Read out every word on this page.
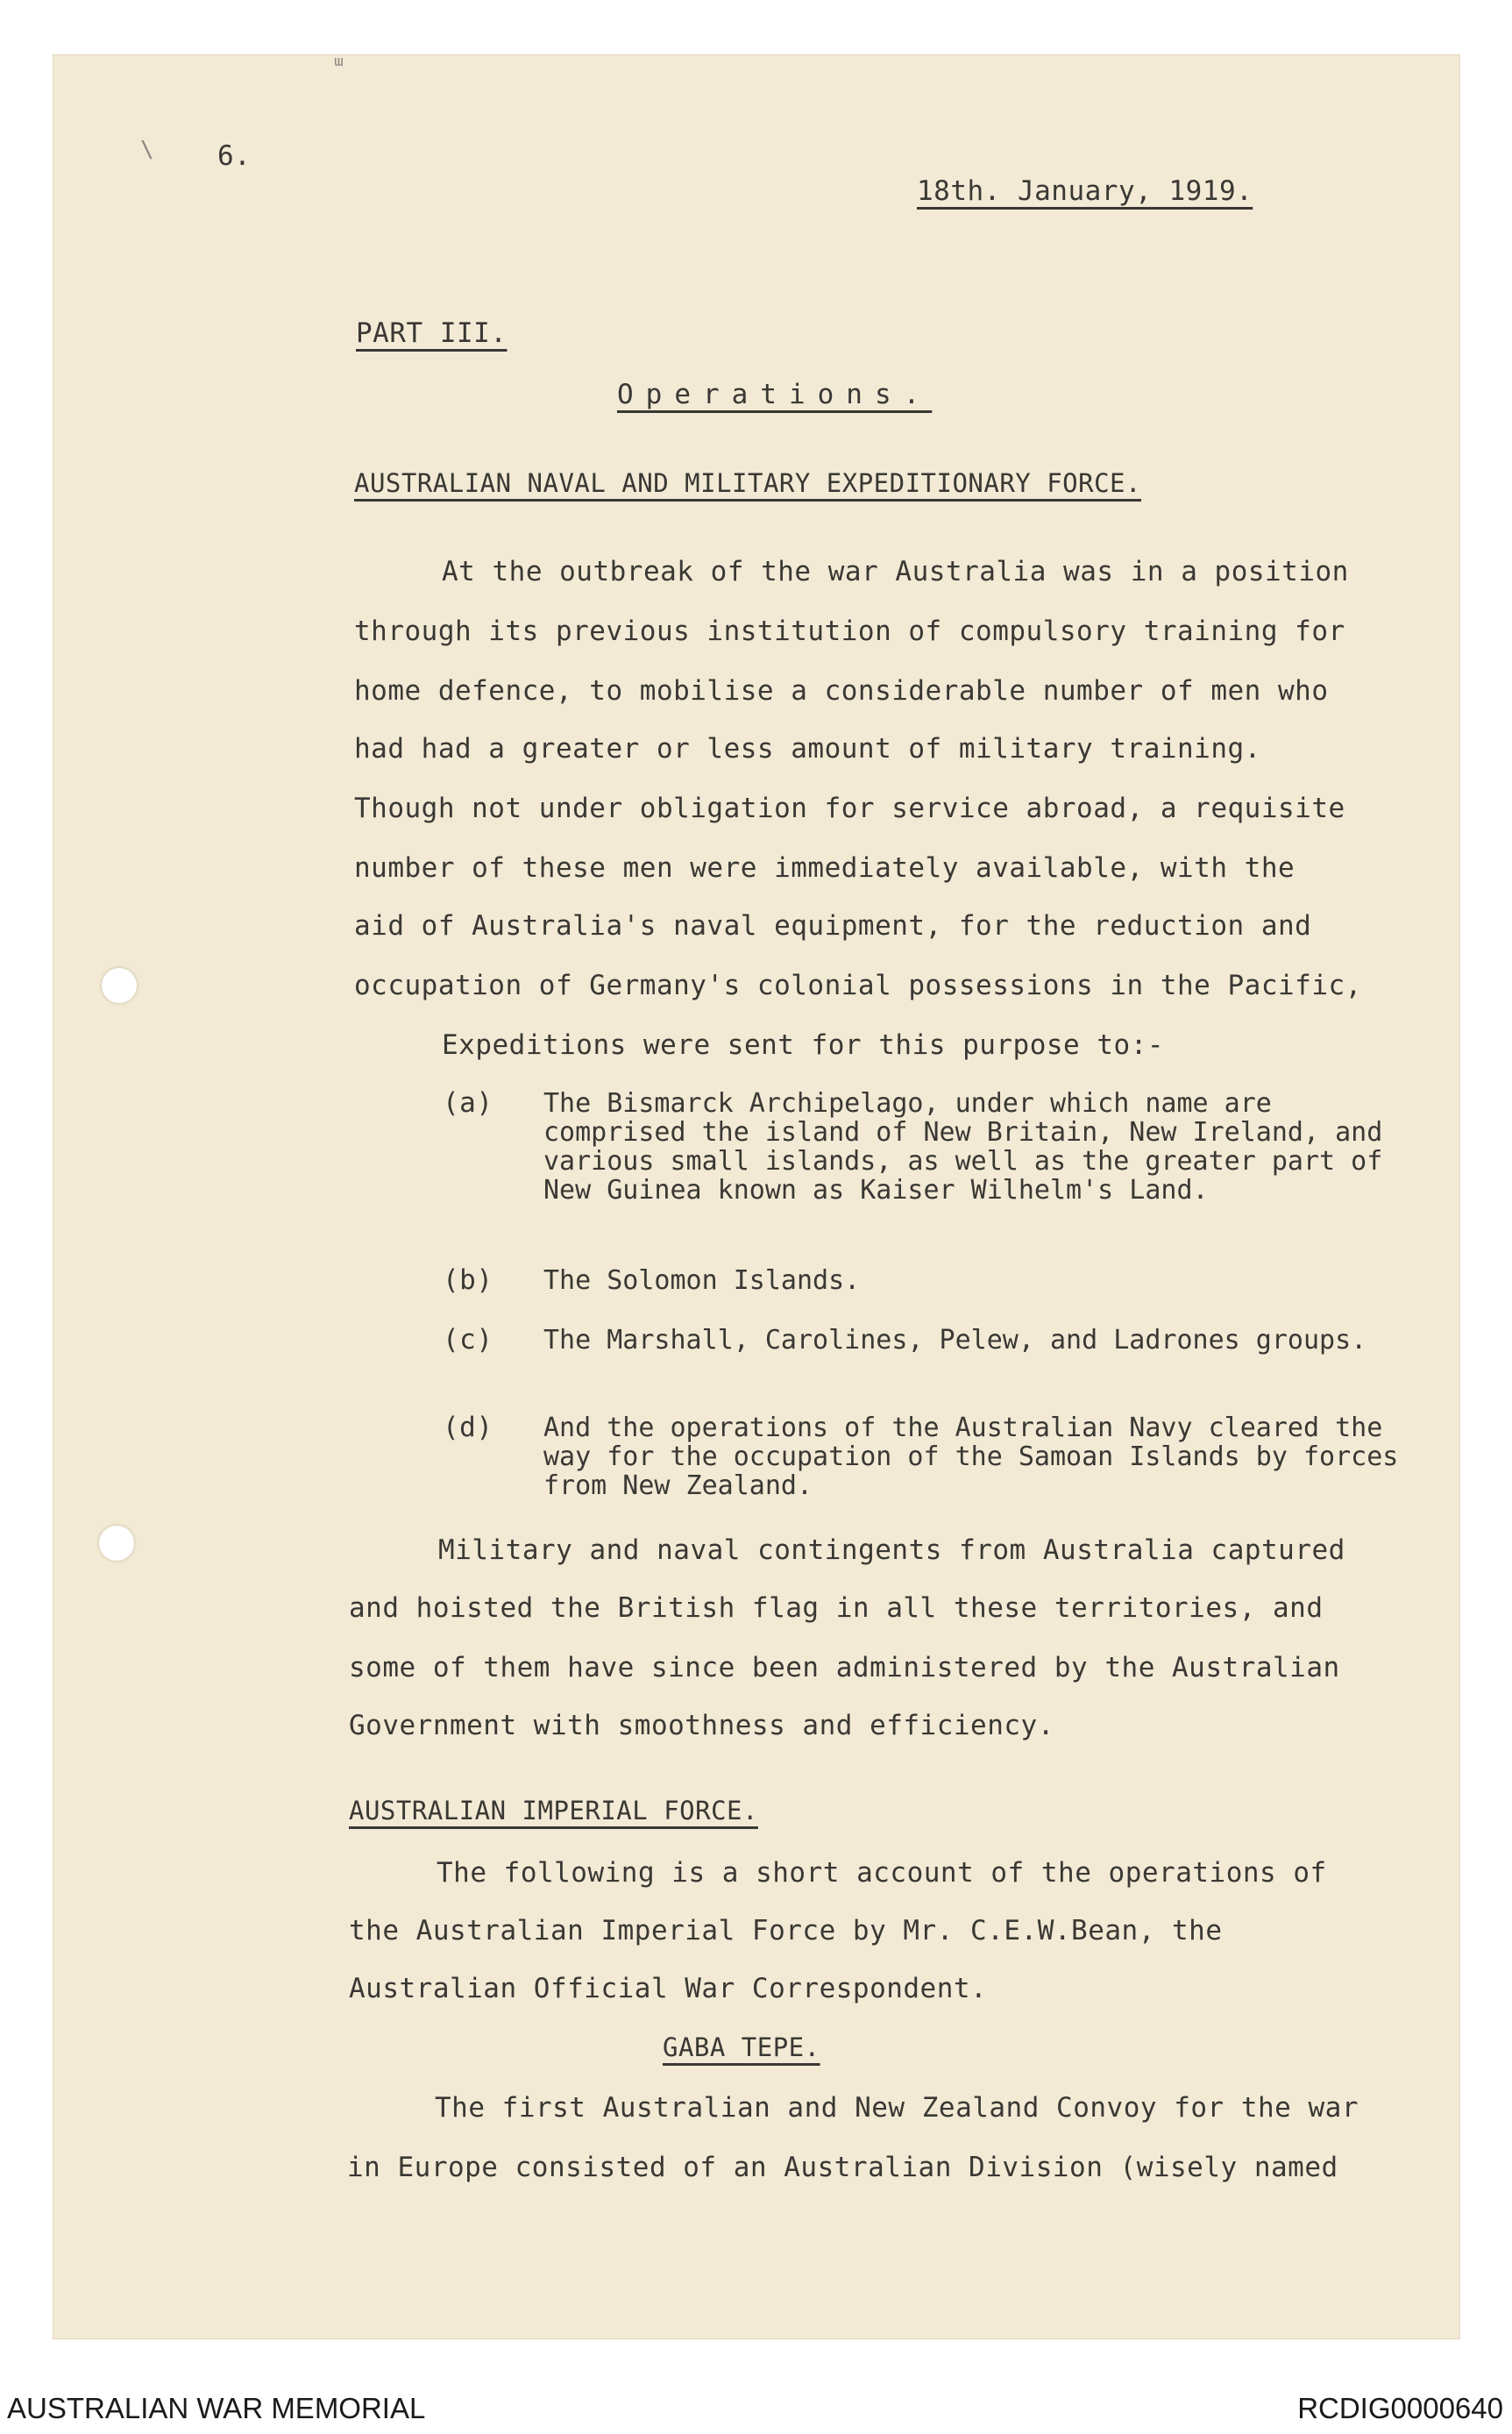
ᵚ
\ 6.
18th. January, 1919.
PART III.
Operations.
AUSTRALIAN NAVAL AND MILITARY EXPEDITIONARY FORCE.
At the outbreak of the war Australia was in a position
through its previous institution of compulsory training for
home defence, to mobilise a considerable number of men who
had had a greater or less amount of military training.
Though not under obligation for service abroad, a requisite
number of these men were immediately available, with the
aid of Australia's naval equipment, for the reduction and
occupation of Germany's colonial possessions in the Pacific,
Expeditions were sent for this purpose to:-
(a) The Bismarck Archipelago, under which name are comprised the island of New Britain, New Ireland, and various small islands, as well as the greater part of New Guinea known as Kaiser Wilhelm's Land.
(b) The Solomon Islands.
(c) The Marshall, Carolines, Pelew, and Ladrones groups.
(d) And the operations of the Australian Navy cleared the way for the occupation of the Samoan Islands by forces from New Zealand.
Military and naval contingents from Australia captured
and hoisted the British flag in all these territories, and
some of them have since been administered by the Australian
Government with smoothness and efficiency.
AUSTRALIAN IMPERIAL FORCE.
The following is a short account of the operations of
the Australian Imperial Force by Mr. C.E.W.Bean, the
Australian Official War Correspondent.
GABA TEPE.
The first Australian and New Zealand Convoy for the war
in Europe consisted of an Australian Division (wisely named
AUSTRALIAN WAR MEMORIAL	RCDIG0000640
